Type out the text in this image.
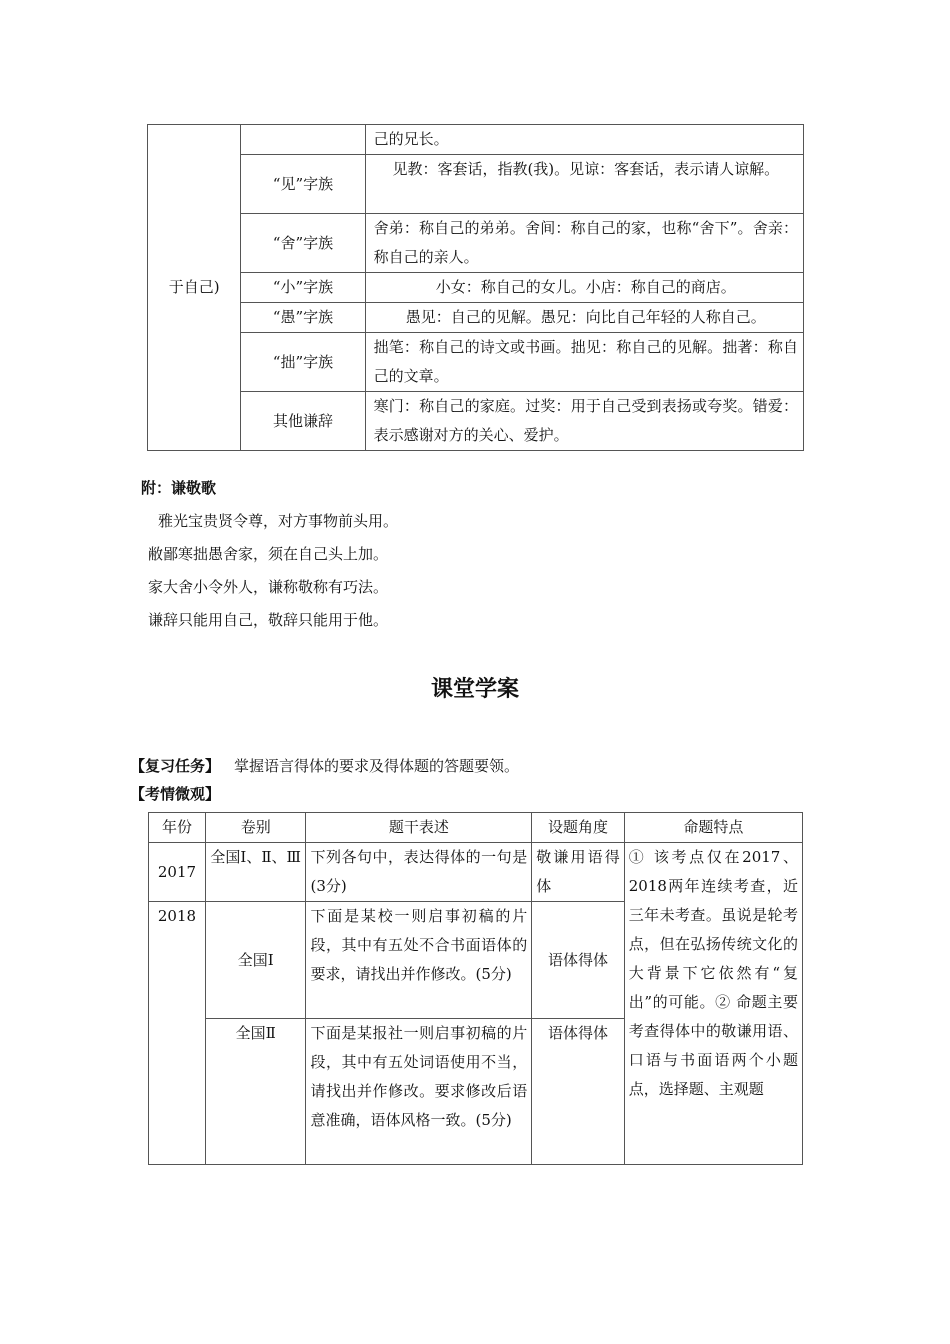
于自己)		己的兄长。
	“见”字族	见教：客套话，指教(我)。见谅：客套话，表示请人谅解。
	“舍”字族	舍弟：称自己的弟弟。舍间：称自己的家，也称“舍下”。舍亲：称自己的亲人。
	“小”字族	小女：称自己的女儿。小店：称自己的商店。
	“愚”字族	愚见：自己的见解。愚兄：向比自己年轻的人称自己。
	“拙”字族	拙笔：称自己的诗文或书画。拙见：称自己的见解。拙著：称自己的文章。
	其他谦辞	寒门：称自己的家庭。过奖：用于自己受到表扬或夸奖。错爱：表示感谢对方的关心、爱护。
附：谦敬歌
雅光宝贵贤令尊，对方事物前头用。
敝鄙寒拙愚舍家，须在自己头上加。
家大舍小令外人，谦称敬称有巧法。
谦辞只能用自己，敬辞只能用于他。
课堂学案
【复习任务】 掌握语言得体的要求及得体题的答题要领。
【考情微观】
年份	卷别	题干表述	设题角度	命题特点
2017	全国Ⅰ、Ⅱ、Ⅲ	下列各句中，表达得体的一句是(3分)	敬谦用语得体	① 该考点仅在2017、2018两年连续考查，近三年未考查。虽说是轮考点，但在弘扬传统文化的大背景下它依然有“复出”的可能。② 命题主要考查得体中的敬谦用语、口语与书面语两个小题点，选择题、主观题
2018	全国Ⅰ	下面是某校一则启事初稿的片段，其中有五处不合书面语体的要求，请找出并作修改。(5分)	语体得体	
	全国Ⅱ	下面是某报社一则启事初稿的片段，其中有五处词语使用不当，请找出并作修改。要求修改后语意准确，语体风格一致。(5分)	语体得体	
